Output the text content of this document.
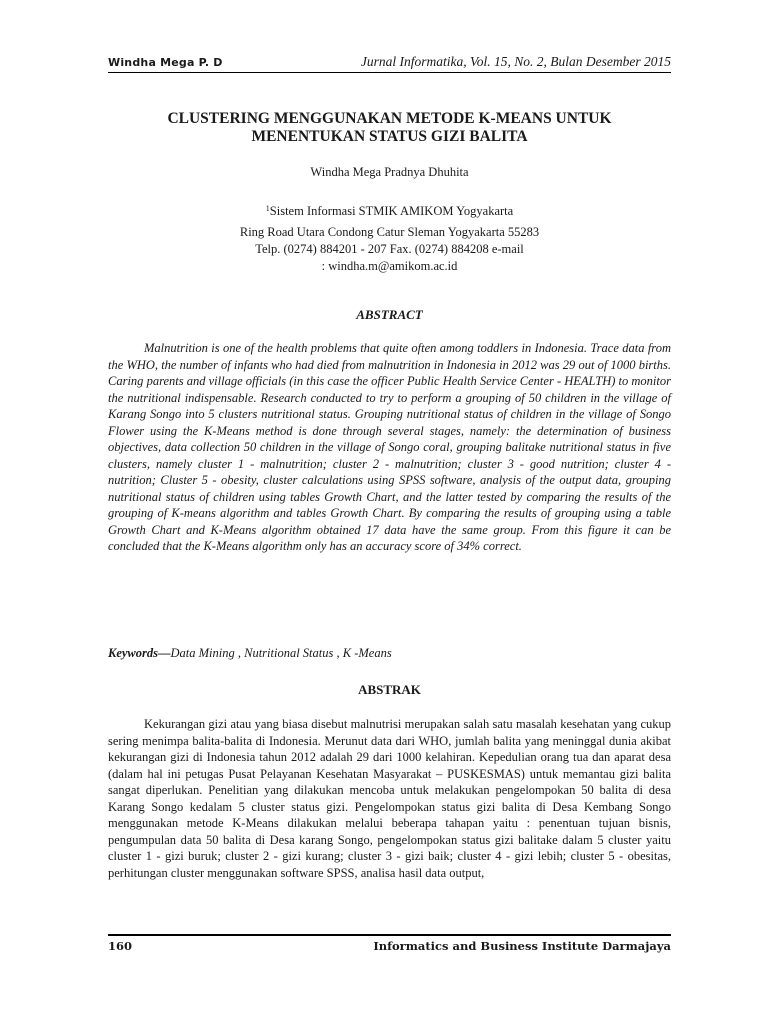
Windha Mega P. D	Jurnal Informatika, Vol. 15, No. 2, Bulan Desember 2015
CLUSTERING MENGGUNAKAN METODE K-MEANS UNTUK
MENENTUKAN STATUS GIZI BALITA
Windha Mega Pradnya Dhuhita
$^1$Sistem Informasi STMIK AMIKOM Yogyakarta
Ring Road Utara Condong Catur Sleman Yogyakarta 55283
Telp. (0274) 884201 - 207 Fax. (0274) 884208 e-mail
: windha.m@amikom.ac.id
ABSTRACT

Malnutrition is one of the health problems that quite often among toddlers in Indonesia. Trace data from the WHO, the number of infants who had died from malnutrition in Indonesia in 2012 was 29 out of 1000 births. Caring parents and village officials (in this case the officer Public Health Service Center - HEALTH) to monitor the nutritional indispensable. Research conducted to try to perform a grouping of 50 children in the village of Karang Songo into 5 clusters nutritional status. Grouping nutritional status of children in the village of Songo Flower using the K-Means method is done through several stages, namely: the determination of business objectives, data collection 50 children in the village of Songo coral, grouping balitake nutritional status in five clusters, namely cluster 1 - malnutrition; cluster 2 - malnutrition; cluster 3 - good nutrition; cluster 4 - nutrition; Cluster 5 - obesity, cluster calculations using SPSS software, analysis of the output data, grouping nutritional status of children using tables Growth Chart, and the latter tested by comparing the results of the grouping of K-means algorithm and tables Growth Chart. By comparing the results of grouping using a table Growth Chart and K-Means algorithm obtained 17 data have the same group. From this figure it can be concluded that the K-Means algorithm only has an accuracy score of 34% correct.

Keywords—Data Mining , Nutritional Status , K -Means
ABSTRAK

Kekurangan gizi atau yang biasa disebut malnutrisi merupakan salah satu masalah kesehatan yang cukup sering menimpa balita-balita di Indonesia. Merunut data dari WHO, jumlah balita yang meninggal dunia akibat kekurangan gizi di Indonesia tahun 2012 adalah 29 dari 1000 kelahiran. Kepedulian orang tua dan aparat desa (dalam hal ini petugas Pusat Pelayanan Kesehatan Masyarakat – PUSKESMAS) untuk memantau gizi balita sangat diperlukan. Penelitian yang dilakukan mencoba untuk melakukan pengelompokan 50 balita di desa Karang Songo kedalam 5 cluster status gizi. Pengelompokan status gizi balita di Desa Kembang Songo menggunakan metode K-Means dilakukan melalui beberapa tahapan yaitu : penentuan tujuan bisnis, pengumpulan data 50 balita di Desa karang Songo, pengelompokan status gizi balitake dalam 5 cluster yaitu cluster 1 - gizi buruk; cluster 2 - gizi kurang; cluster 3 - gizi baik; cluster 4 - gizi lebih; cluster 5 - obesitas, perhitungan cluster menggunakan software SPSS, analisa hasil data output,

160	Informatics and Business Institute Darmajaya
